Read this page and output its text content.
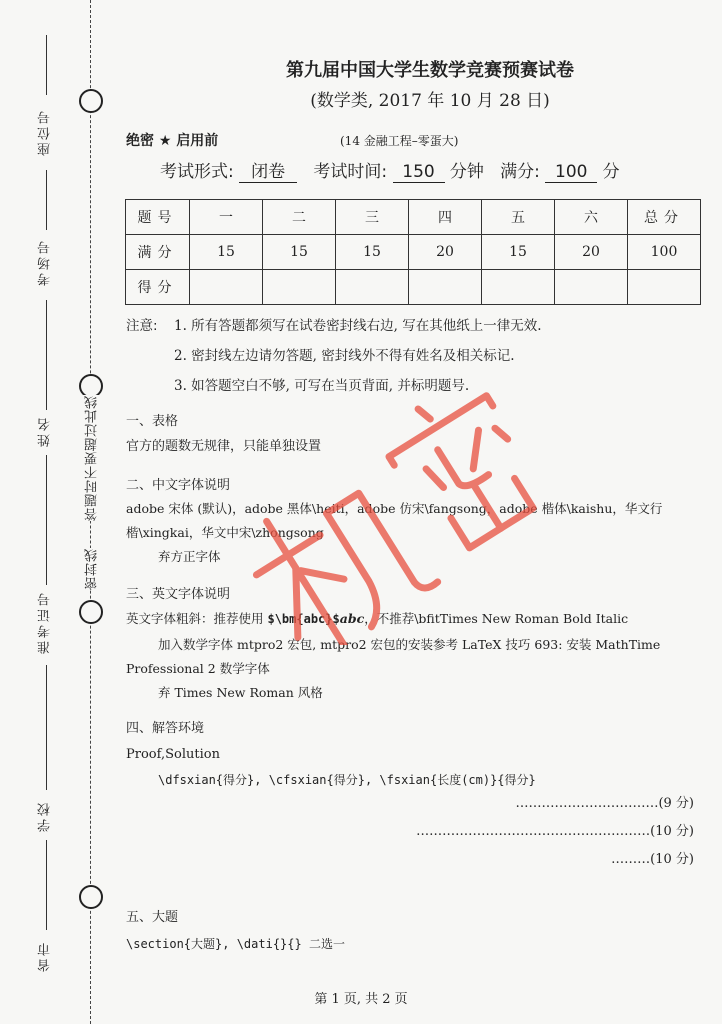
座位号
考场号
姓名
准考证号
学校
省市
答题时不要超过此线
密封线
第九届中国大学生数学竞赛预赛试卷
(数学类, 2017 年 10 月 28 日)
绝密 ★ 启用前	(14 金融工程–零蛋大)
考试形式: 闭卷 考试时间: 150 分钟 满分: 100 分
题号	一	二	三	四	五	六	总分
满分	15	15	15	20	15	20	100
得分							
注意: 1. 所有答题都须写在试卷密封线右边, 写在其他纸上一律无效.
2. 密封线左边请勿答题, 密封线外不得有姓名及相关标记.
3. 如答题空白不够, 可写在当页背面, 并标明题号.
一、表格
官方的题数无规律，只能单独设置
二、中文字体说明
adobe 宋体 (默认)，adobe 黑体\heiti，adobe 仿宋\fangsong，adobe 楷体\kaishu，华文行
楷\xingkai，华文中宋\zhongsong
弃方正字体
三、英文字体说明
英文字体粗斜：推荐使用 $\bm{abc}$abc，不推荐\bfitTimes New Roman Bold Italic
加入数学字体 mtpro2 宏包, mtpro2 宏包的安装参考 LaTeX 技巧 693: 安装 MathTime
Professional 2 数学字体
弃 Times New Roman 风格
四、解答环境
Proof,Solution
\dfsxian{得分}, \cfsxian{得分}, \fsxian{长度(cm)}{得分}
……………………………(9 分)
………………………………………………(10 分)
………(10 分)
五、大题
\section{大题}, \dati{}{} 二选一
第 1 页, 共 2 页
